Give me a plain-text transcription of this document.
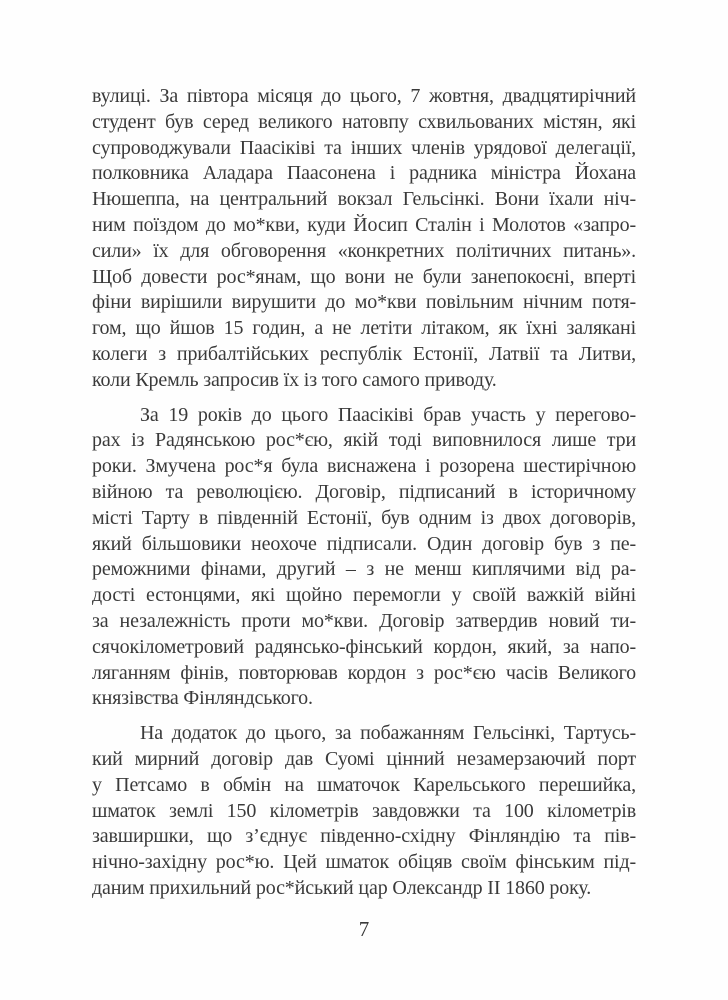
вулиці. За півтора місяця до цього, 7 жовтня, двадцятирічний
студент був серед великого натовпу схвильованих містян, які
супроводжували Паасіківі та інших членів урядової делегації,
полковника Аладара Паасонена і радника міністра Йохана
Нюшеппа, на центральний вокзал Гельсінкі. Вони їхали ніч-
ним поїздом до мо*кви, куди Йосип Сталін і Молотов «запро-
сили» їх для обговорення «конкретних політичних питань».
Щоб довести рос*янам, що вони не були занепокоєні, вперті
фіни вирішили вирушити до мо*кви повільним нічним потя-
гом, що йшов 15 годин, а не летіти літаком, як їхні залякані
колеги з прибалтійських республік Естонії, Латвії та Литви,
коли Кремль запросив їх із того самого приводу.
За 19 років до цього Паасіківі брав участь у перегово-
рах із Радянською рос*єю, якій тоді виповнилося лише три
роки. Змучена рос*я була виснажена і розорена шестирічною
війною та революцією. Договір, підписаний в історичному
місті Тарту в південній Естонії, був одним із двох договорів,
який більшовики неохоче підписали. Один договір був з пе-
реможними фінами, другий – з не менш киплячими від ра-
дості естонцями, які щойно перемогли у своїй важкій війні
за незалежність проти мо*кви. Договір затвердив новий ти-
сячокілометровий радянсько-фінський кордон, який, за напо-
ляганням фінів, повторював кордон з рос*єю часів Великого
князівства Фінляндського.
На додаток до цього, за побажанням Гельсінкі, Тартусь-
кий мирний договір дав Суомі цінний незамерзаючий порт
у Петсамо в обмін на шматочок Карельського перешийка,
шматок землі 150 кілометрів завдовжки та 100 кілометрів
завширшки, що з’єднує південно-східну Фінляндію та пів-
нічно-західну рос*ю. Цей шматок обіцяв своїм фінським під-
даним прихильний рос*йський цар Олександр II 1860 року.
7
